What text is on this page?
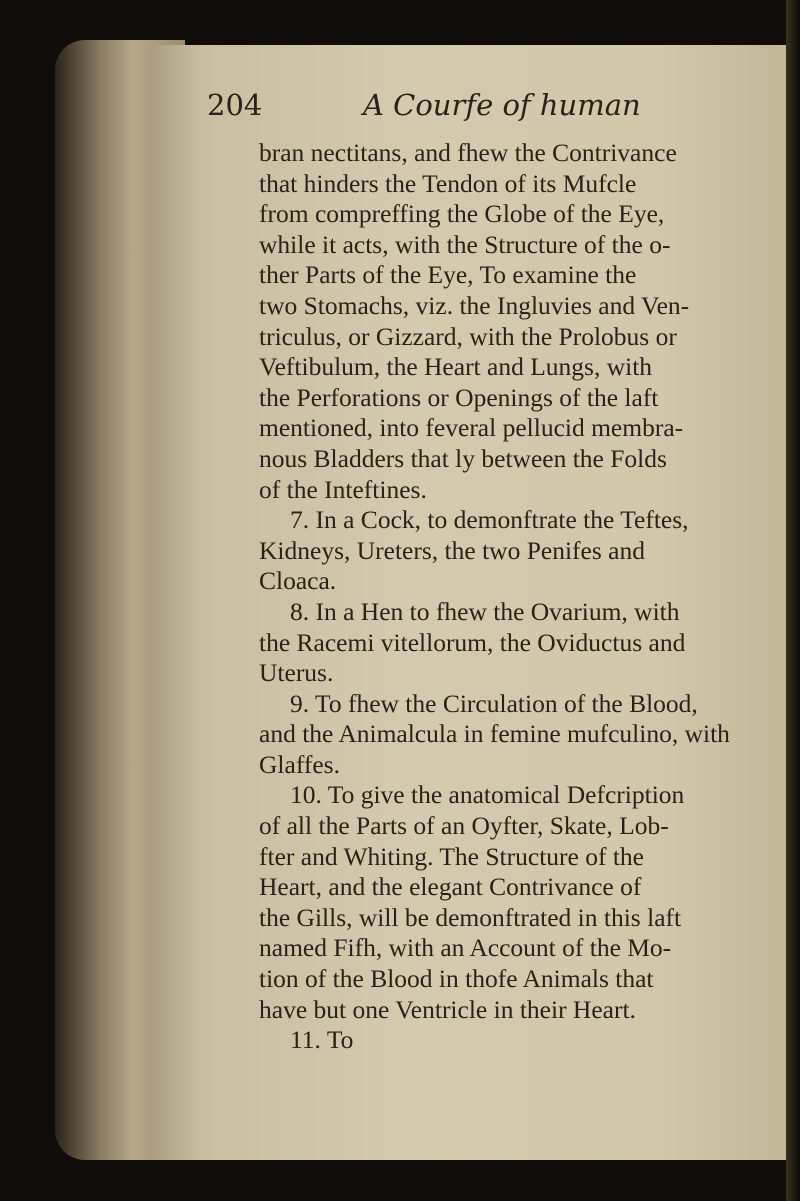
204	A Courfe of human
bran nectitans, and fhew the Contrivance
that hinders the Tendon of its Mufcle
from compreffing the Globe of the Eye,
while it acts, with the Structure of the o-
ther Parts of the Eye, To examine the
two Stomachs, viz. the Ingluvies and Ven-
triculus, or Gizzard, with the Prolobus or
Veftibulum, the Heart and Lungs, with
the Perforations or Openings of the laft
mentioned, into feveral pellucid membra-
nous Bladders that ly between the Folds
of the Inteftines.
7. In a Cock, to demonftrate the Teftes,
Kidneys, Ureters, the two Penifes and
Cloaca.
8. In a Hen to fhew the Ovarium, with
the Racemi vitellorum, the Oviductus and
Uterus.
9. To fhew the Circulation of the Blood,
and the Animalcula in femine mufculino, with
Glaffes.
10. To give the anatomical Defcription
of all the Parts of an Oyfter, Skate, Lob-
fter and Whiting. The Structure of the
Heart, and the elegant Contrivance of
the Gills, will be demonftrated in this laft
named Fifh, with an Account of the Mo-
tion of the Blood in thofe Animals that
have but one Ventricle in their Heart.
11. To
